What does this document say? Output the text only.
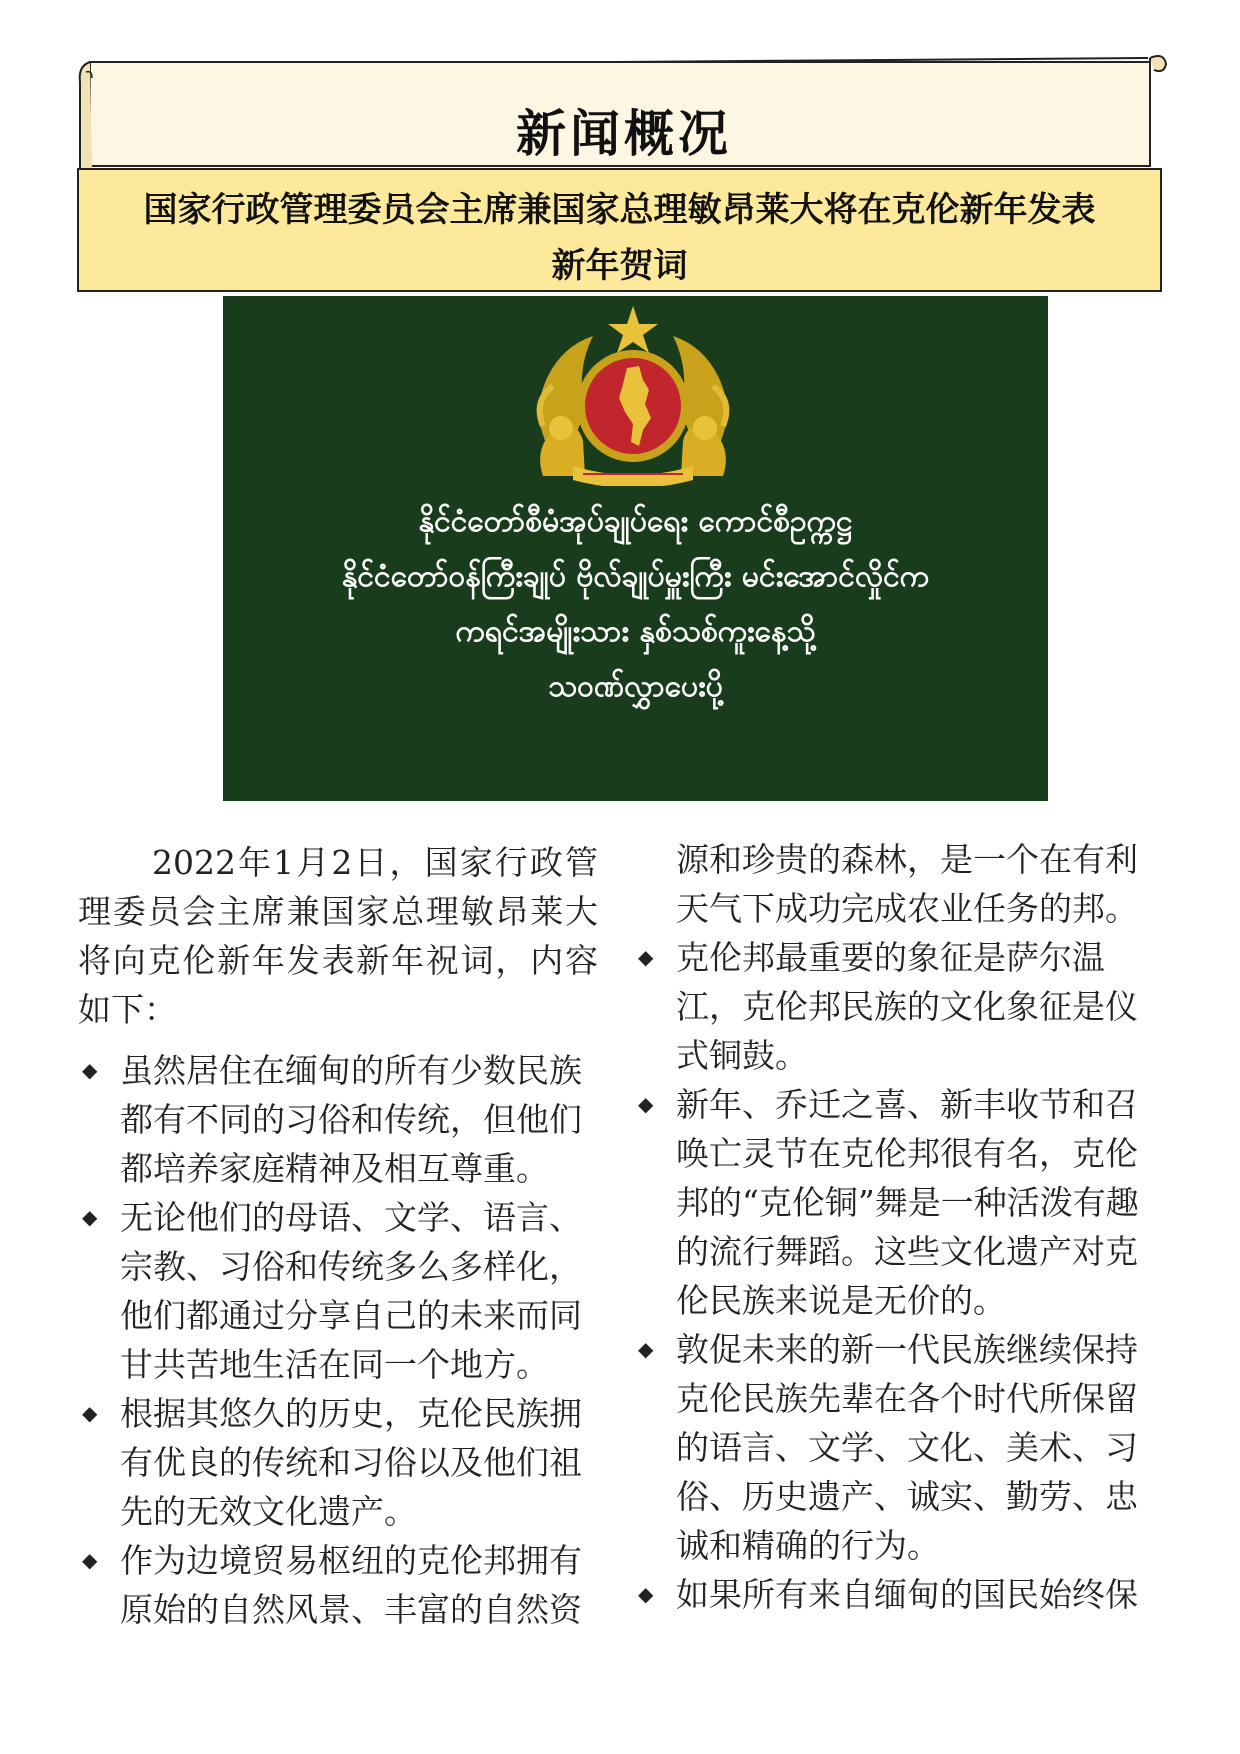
新闻概况
国家行政管理委员会主席兼国家总理敏昂莱大将在克伦新年发表
新年贺词
နိုင်ငံတော်စီမံအုပ်ချုပ်ရေး ကောင်စီဥက္ကဋ္ဌ
နိုင်ငံတော်ဝန်ကြီးချုပ် ဗိုလ်ချုပ်မှူးကြီး မင်းအောင်လှိုင်က
ကရင်အမျိုးသား နှစ်သစ်ကူးနေ့သို့
သဝဏ်လွှာပေးပို့

2022年1月2日，国家行政管理委员会主席兼国家总理敏昂莱大将向克伦新年发表新年祝词，内容如下：

◆ 虽然居住在缅甸的所有少数民族都有不同的习俗和传统，但他们都培养家庭精神及相互尊重。

◆ 无论他们的母语、文学、语言、宗教、习俗和传统多么多样化，他们都通过分享自己的未来而同甘共苦地生活在同一个地方。

◆ 根据其悠久的历史，克伦民族拥有优良的传统和习俗以及他们祖先的无效文化遗产。

◆ 作为边境贸易枢纽的克伦邦拥有原始的自然风景、丰富的自然资

源和珍贵的森林，是一个在有利天气下成功完成农业任务的邦。

◆ 克伦邦最重要的象征是萨尔温江，克伦邦民族的文化象征是仪式铜鼓。

◆ 新年、乔迁之喜、新丰收节和召唤亡灵节在克伦邦很有名，克伦邦的“克伦铜”舞是一种活泼有趣的流行舞蹈。这些文化遗产对克伦民族来说是无价的。

◆ 敦促未来的新一代民族继续保持克伦民族先辈在各个时代所保留的语言、文学、文化、美术、习俗、历史遗产、诚实、勤劳、忠诚和精确的行为。

◆ 如果所有来自缅甸的国民始终保
